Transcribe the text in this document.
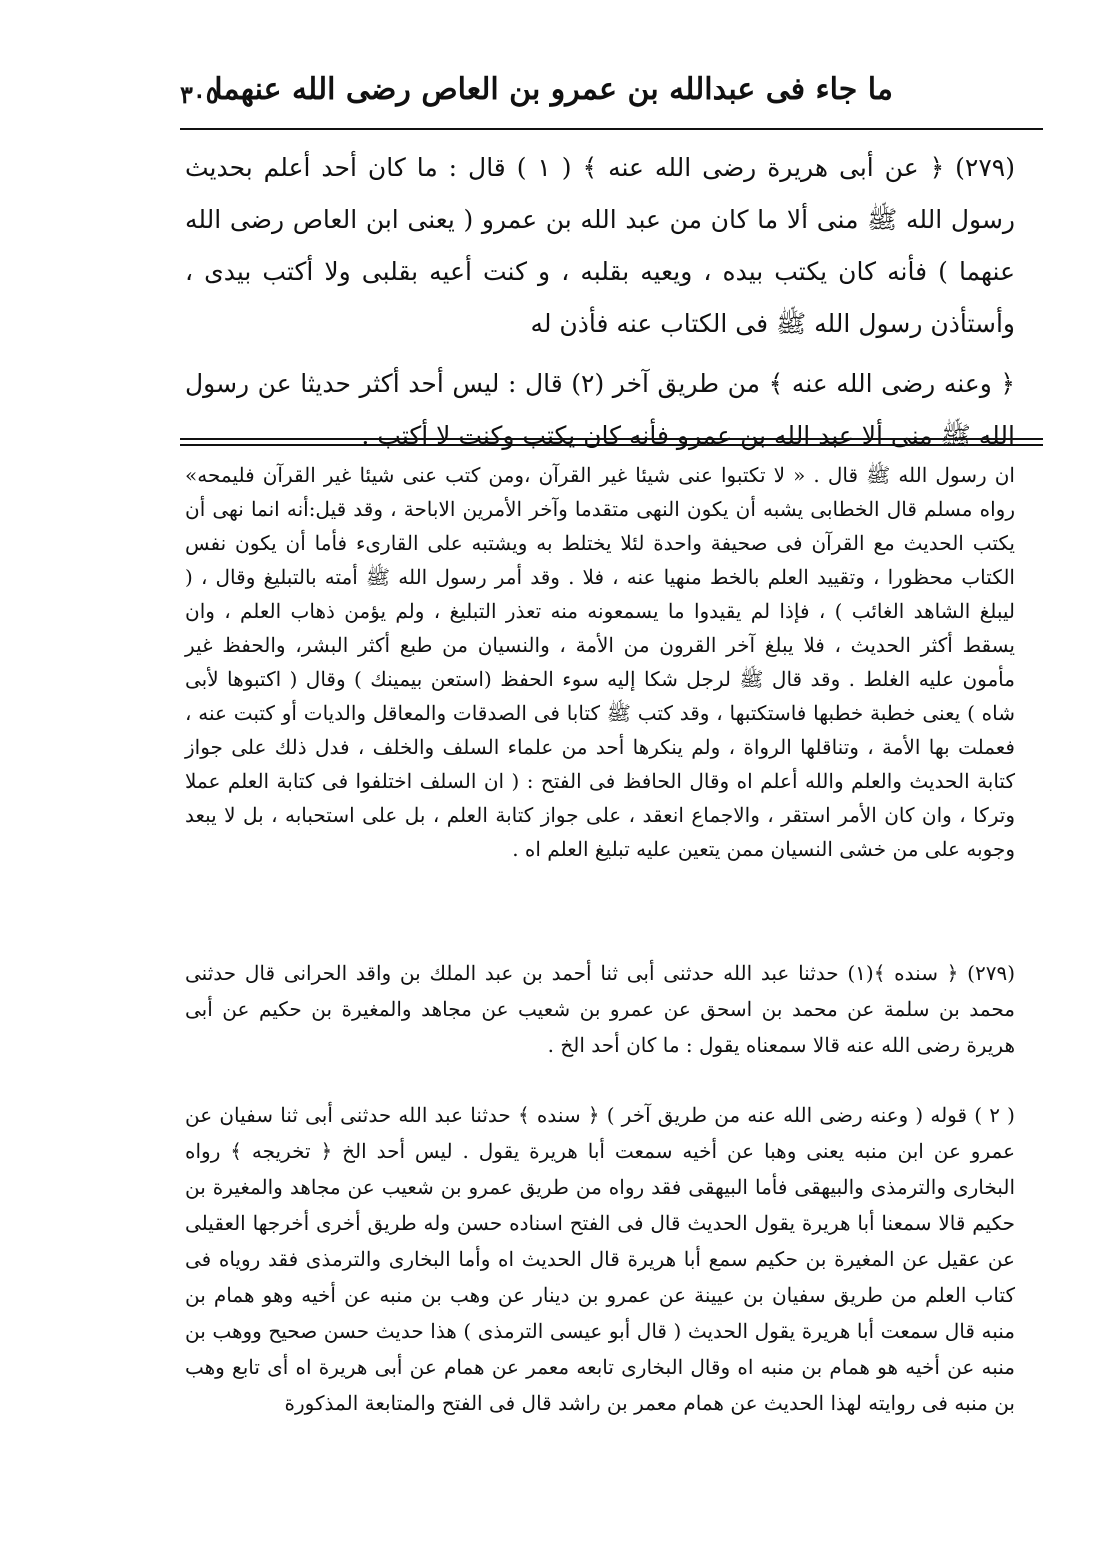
ما جاء فى عبدالله بن عمرو بن العاص رضى الله عنهما
٣٠٥

(٢٧٩) ﴿ عن أبى هريرة رضى الله عنه ﴾ ( ١ ) قال : ما كان أحد أعلم بحديث رسول الله ﷺ منى ألا ما كان من عبد الله بن عمرو ( يعنى ابن العاص رضى الله عنهما ) فأنه كان يكتب بيده ، ويعيه بقلبه ، و كنت أعيه بقلبى ولا أكتب بيدى ، وأستأذن رسول الله ﷺ فى الكتاب عنه فأذن له

﴿ وعنه رضى الله عنه ﴾ من طريق آخر (٢) قال : ليس أحد أكثر حديثا عن رسول الله ﷺ منى ألا عبد الله بن عمرو فأنه كان يكتب وكنت لا أكتب .

ان رسول الله ﷺ قال . « لا تكتبوا عنى شيئا غير القرآن ،ومن كتب عنى شيئا غير القرآن فليمحه» رواه مسلم قال الخطابى يشبه أن يكون النهى متقدما وآخر الأمرين الاباحة ، وقد قيل:أنه انما نهى أن يكتب الحديث مع القرآن فى صحيفة واحدة لئلا يختلط به ويشتبه على القارىء فأما أن يكون نفس الكتاب محظورا ، وتقييد العلم بالخط منهيا عنه ، فلا . وقد أمر رسول الله ﷺ أمته بالتبليغ وقال ، ( ليبلغ الشاهد الغائب ) ، فإذا لم يقيدوا ما يسمعونه منه تعذر التبليغ ، ولم يؤمن ذهاب العلم ، وان يسقط أكثر الحديث ، فلا يبلغ آخر القرون من الأمة ، والنسيان من طبع أكثر البشر، والحفظ غير مأمون عليه الغلط . وقد قال ﷺ لرجل شكا إليه سوء الحفظ (استعن بيمينك ) وقال ( اكتبوها لأبى شاه ) يعنى خطبة خطبها فاستكتبها ، وقد كتب ﷺ كتابا فى الصدقات والمعاقل والديات أو كتبت عنه ، فعملت بها الأمة ، وتناقلها الرواة ، ولم ينكرها أحد من علماء السلف والخلف ، فدل ذلك على جواز كتابة الحديث والعلم والله أعلم اه وقال الحافظ فى الفتح : ( ان السلف اختلفوا فى كتابة العلم عملا وتركا ، وان كان الأمر استقر ، والاجماع انعقد ، على جواز كتابة العلم ، بل على استحبابه ، بل لا يبعد وجوبه على من خشى النسيان ممن يتعين عليه تبليغ العلم اه .

(٢٧٩) ﴿ سنده ﴾(١) حدثنا عبد الله حدثنى أبى ثنا أحمد بن عبد الملك بن واقد الحرانى قال حدثنى محمد بن سلمة عن محمد بن اسحق عن عمرو بن شعيب عن مجاهد والمغيرة بن حكيم عن أبى هريرة رضى الله عنه قالا سمعناه يقول : ما كان أحد الخ .

( ٢ ) قوله ( وعنه رضى الله عنه من طريق آخر ) ﴿ سنده ﴾ حدثنا عبد الله حدثنى أبى ثنا سفيان عن عمرو عن ابن منبه يعنى وهبا عن أخيه سمعت أبا هريرة يقول . ليس أحد الخ ﴿ تخريجه ﴾ رواه البخارى والترمذى والبيهقى فأما البيهقى فقد رواه من طريق عمرو بن شعيب عن مجاهد والمغيرة بن حكيم قالا سمعنا أبا هريرة يقول الحديث قال فى الفتح اسناده حسن وله طريق أخرى أخرجها العقيلى عن عقيل عن المغيرة بن حكيم سمع أبا هريرة قال الحديث اه وأما البخارى والترمذى فقد روياه فى كتاب العلم من طريق سفيان بن عيينة عن عمرو بن دينار عن وهب بن منبه عن أخيه وهو همام بن منبه قال سمعت أبا هريرة يقول الحديث ( قال أبو عيسى الترمذى ) هذا حديث حسن صحيح ووهب بن منبه عن أخيه هو همام بن منبه اه وقال البخارى تابعه معمر عن همام عن أبى هريرة اه أى تابع وهب بن منبه فى روايته لهذا الحديث عن همام معمر بن راشد قال فى الفتح والمتابعة المذكورة
